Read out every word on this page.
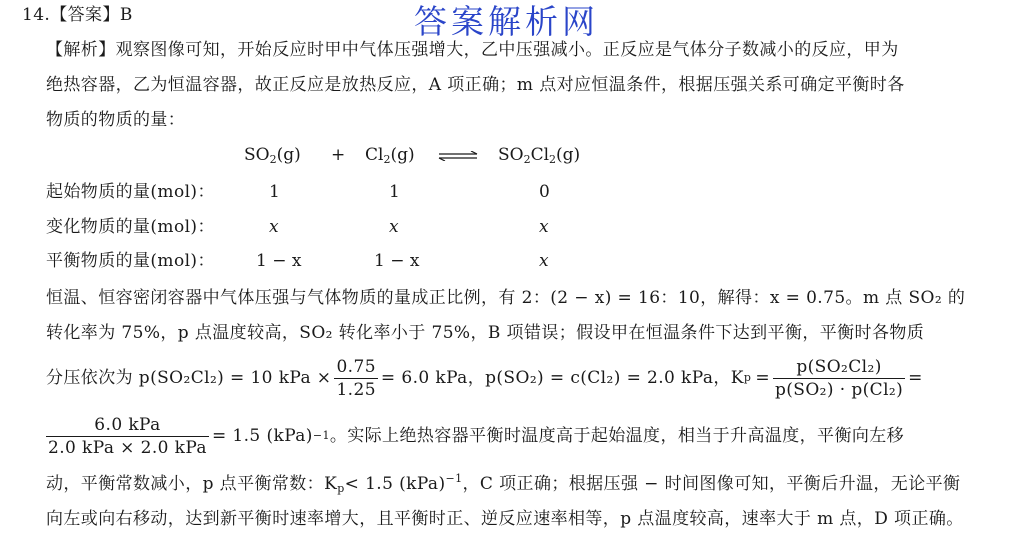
答案解析网
14.【答案】B
【解析】观察图像可知，开始反应时甲中气体压强增大，乙中压强减小。正反应是气体分子数减小的反应，甲为
绝热容器，乙为恒温容器，故正反应是放热反应，A 项正确；m 点对应恒温条件，根据压强关系可确定平衡时各
物质的物质的量：
$SO_2(g) + Cl_2(g)$ ⇌ $SO_2Cl_2(g)$
起始物质的量(mol)：	1	1	0
变化物质的量(mol)：	x	x	x
平衡物质的量(mol)： 1 − x	1 − x	x
恒温、恒容密闭容器中气体压强与气体物质的量成正比例，有 2：(2 − x) = 16：10，解得：x = 0.75。m 点 SO₂ 的
转化率为 75%，p 点温度较高，SO₂ 转化率小于 75%，B 项错误；假设甲在恒温条件下达到平衡，平衡时各物质
分压依次为 p(SO₂Cl₂) = 10 kPa × $\frac{0.75}{1.25} = 6.0$ kPa，p(SO₂) = c(Cl₂) = 2.0 kPa，K $p = \frac{\text{p(SO₂Cl₂)}}{\text{p(SO₂) · p(Cl₂)}}$ =
$\frac{\text{6.0 kPa}}{\text{2.0 kPa × 2.0 kPa}} = 1.5$ (kPa) −1 。实际上绝热容器平衡时温度高于起始温度，相当于升高温度，平衡向左移
动，平衡常数减小，p 点平衡常数：$K_p< 1.5$ (kPa)$^{-1}$，C 项正确；根据压强 − 时间图像可知，平衡后升温，无论平衡
向左或向右移动，达到新平衡时速率增大，且平衡时正、逆反应速率相等，p 点温度较高，速率大于 m 点，D 项正确。
